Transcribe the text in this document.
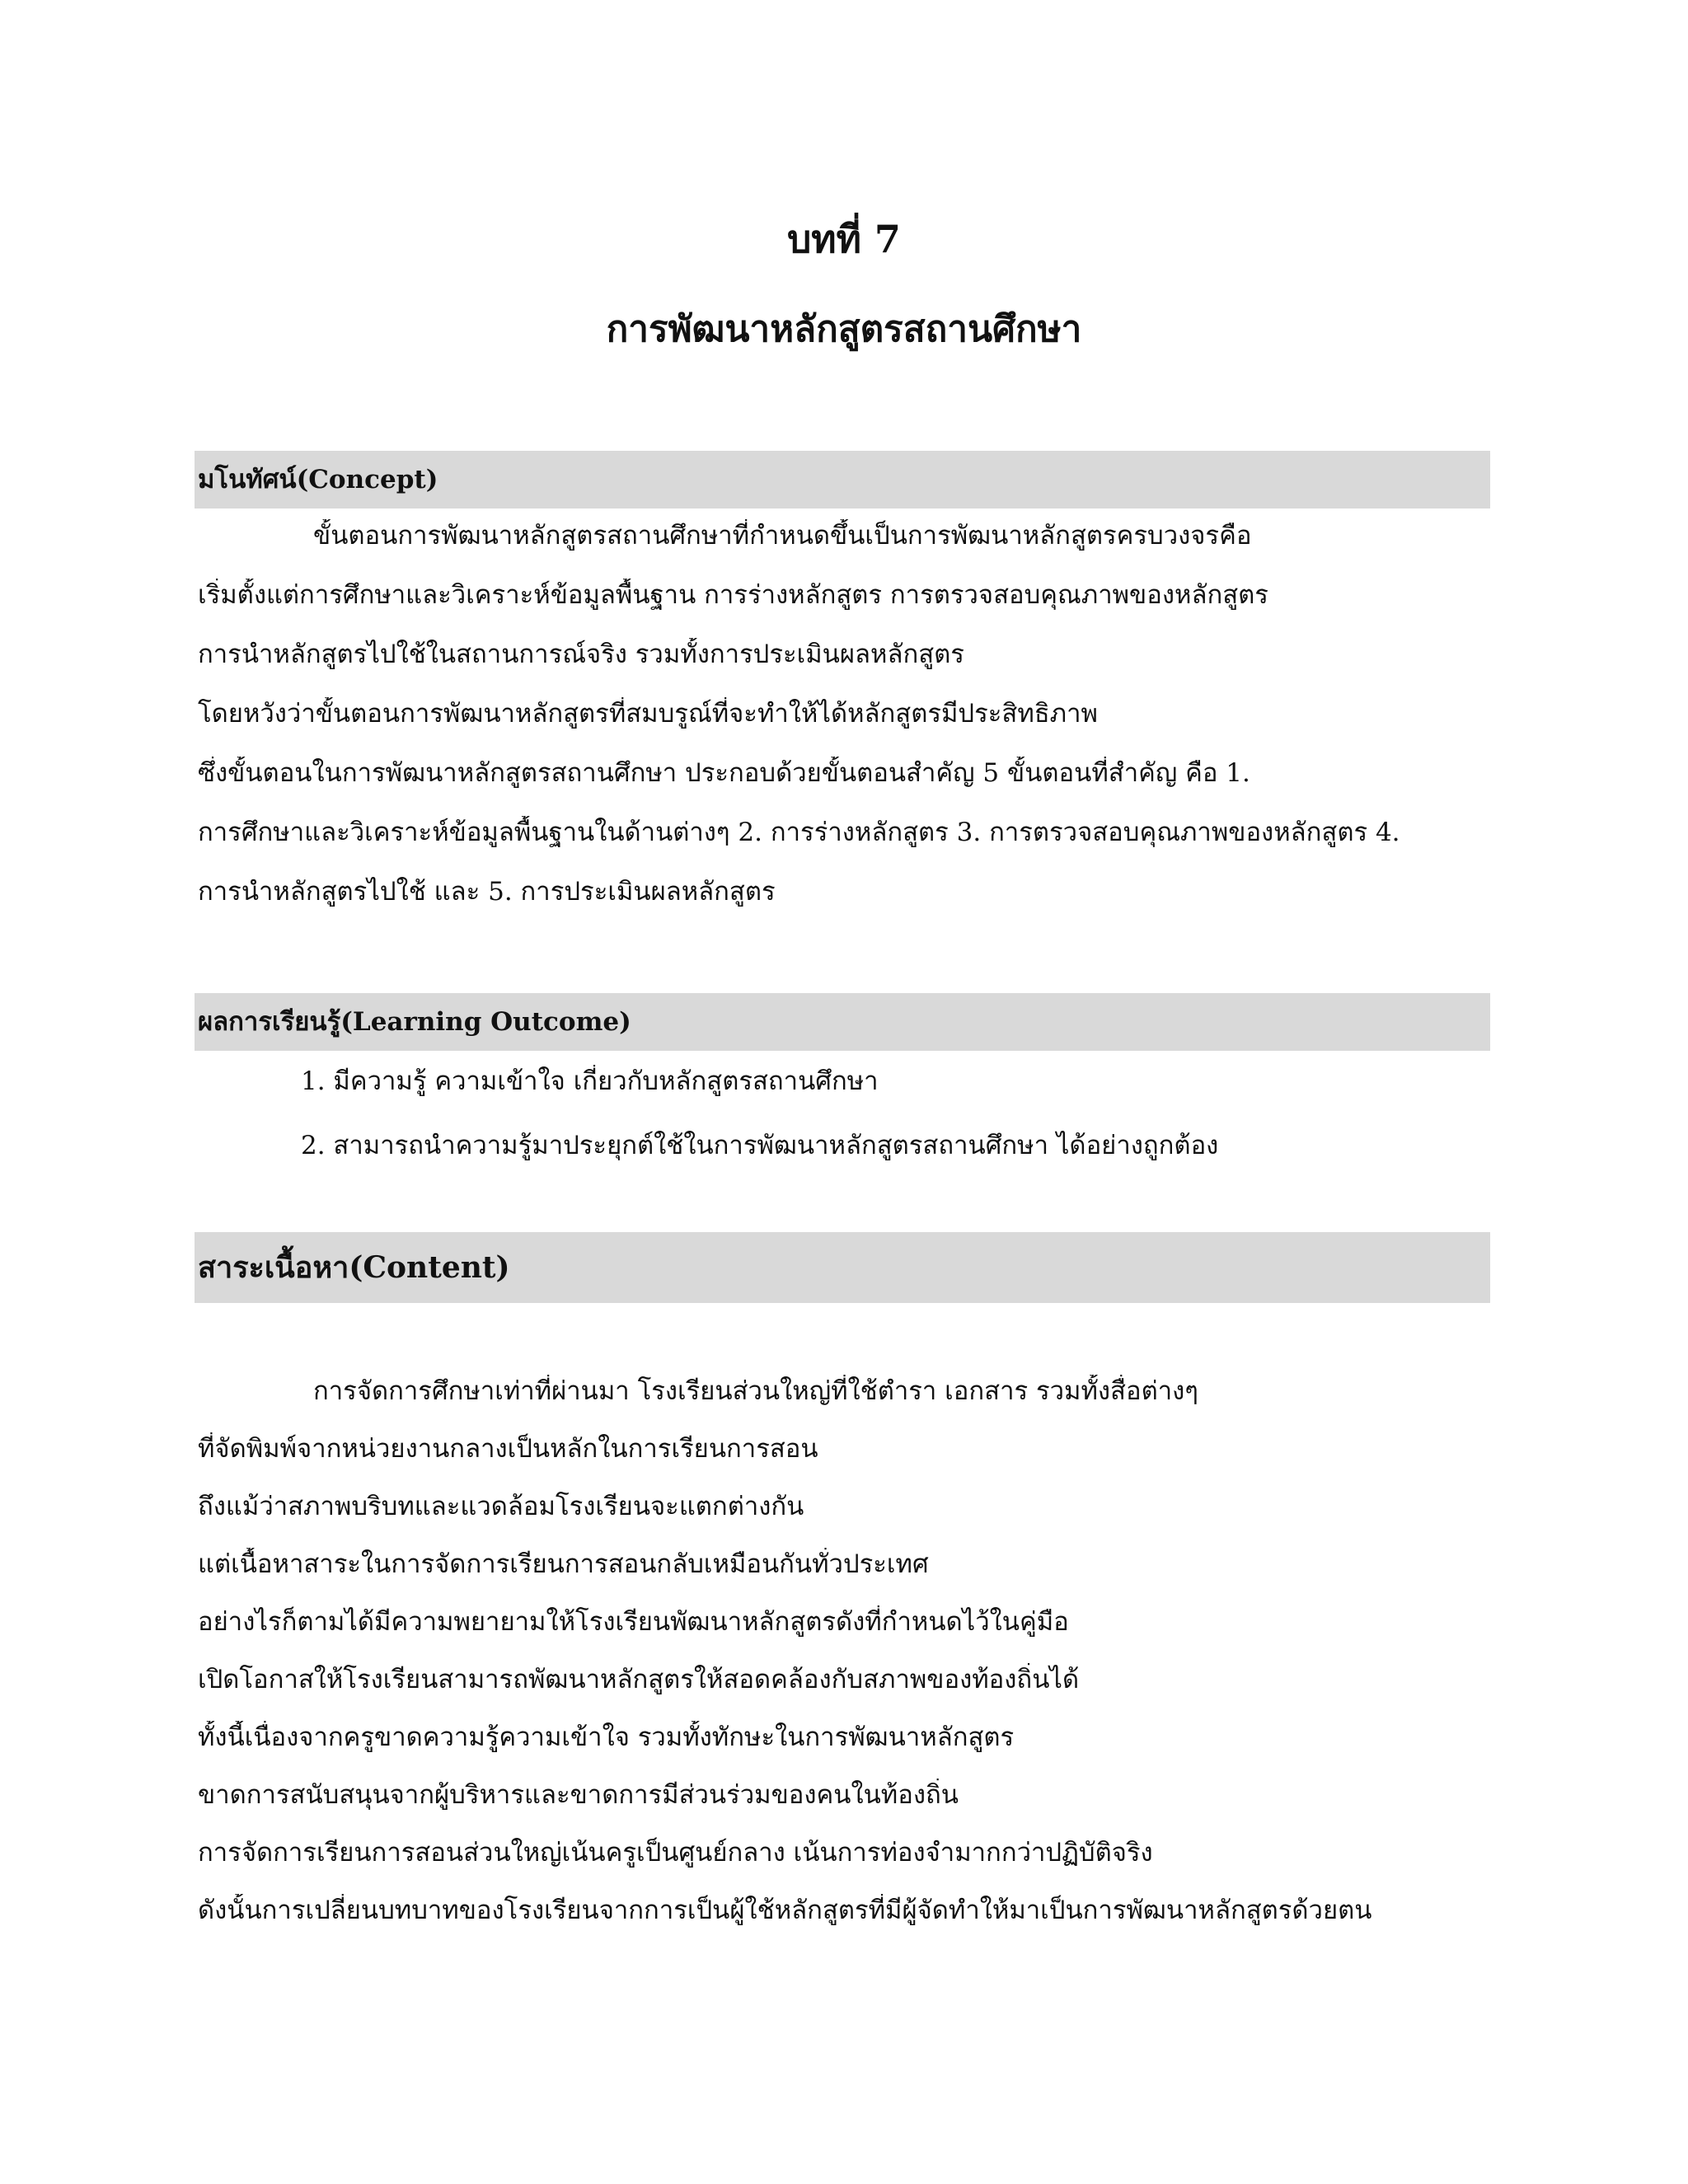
บทที่ 7
การพัฒนาหลักสูตรสถานศึกษา
มโนทัศน์(Concept)
ขั้นตอนการพัฒนาหลักสูตรสถานศึกษาที่กำหนดขึ้นเป็นการพัฒนาหลักสูตรครบวงจรคือ
เริ่มตั้งแต่การศึกษาและวิเคราะห์ข้อมูลพื้นฐาน การร่างหลักสูตร การตรวจสอบคุณภาพของหลักสูตร
การนำหลักสูตรไปใช้ในสถานการณ์จริง รวมทั้งการประเมินผลหลักสูตร
โดยหวังว่าขั้นตอนการพัฒนาหลักสูตรที่สมบรูณ์ที่จะทำให้ได้หลักสูตรมีประสิทธิภาพ
ซึ่งขั้นตอนในการพัฒนาหลักสูตรสถานศึกษา ประกอบด้วยขั้นตอนสำคัญ 5 ขั้นตอนที่สำคัญ คือ 1.
การศึกษาและวิเคราะห์ข้อมูลพื้นฐานในด้านต่างๆ 2. การร่างหลักสูตร 3. การตรวจสอบคุณภาพของหลักสูตร 4.
การนำหลักสูตรไปใช้ และ 5. การประเมินผลหลักสูตร
ผลการเรียนรู้(Learning Outcome)
1. มีความรู้ ความเข้าใจ เกี่ยวกับหลักสูตรสถานศึกษา
2. สามารถนำความรู้มาประยุกต์ใช้ในการพัฒนาหลักสูตรสถานศึกษา ได้อย่างถูกต้อง
สาระเนื้อหา(Content)
การจัดการศึกษาเท่าที่ผ่านมา โรงเรียนส่วนใหญ่ที่ใช้ตำรา เอกสาร รวมทั้งสื่อต่างๆ
ที่จัดพิมพ์จากหน่วยงานกลางเป็นหลักในการเรียนการสอน
ถึงแม้ว่าสภาพบริบทและแวดล้อมโรงเรียนจะแตกต่างกัน
แต่เนื้อหาสาระในการจัดการเรียนการสอนกลับเหมือนกันทั่วประเทศ
อย่างไรก็ตามได้มีความพยายามให้โรงเรียนพัฒนาหลักสูตรดังที่กำหนดไว้ในคู่มือ
เปิดโอกาสให้โรงเรียนสามารถพัฒนาหลักสูตรให้สอดคล้องกับสภาพของท้องถิ่นได้
ทั้งนี้เนื่องจากครูขาดความรู้ความเข้าใจ รวมทั้งทักษะในการพัฒนาหลักสูตร
ขาดการสนับสนุนจากผู้บริหารและขาดการมีส่วนร่วมของคนในท้องถิ่น
การจัดการเรียนการสอนส่วนใหญ่เน้นครูเป็นศูนย์กลาง เน้นการท่องจำมากกว่าปฏิบัติจริง
ดังนั้นการเปลี่ยนบทบาทของโรงเรียนจากการเป็นผู้ใช้หลักสูตรที่มีผู้จัดทำให้มาเป็นการพัฒนาหลักสูตรด้วยตน
